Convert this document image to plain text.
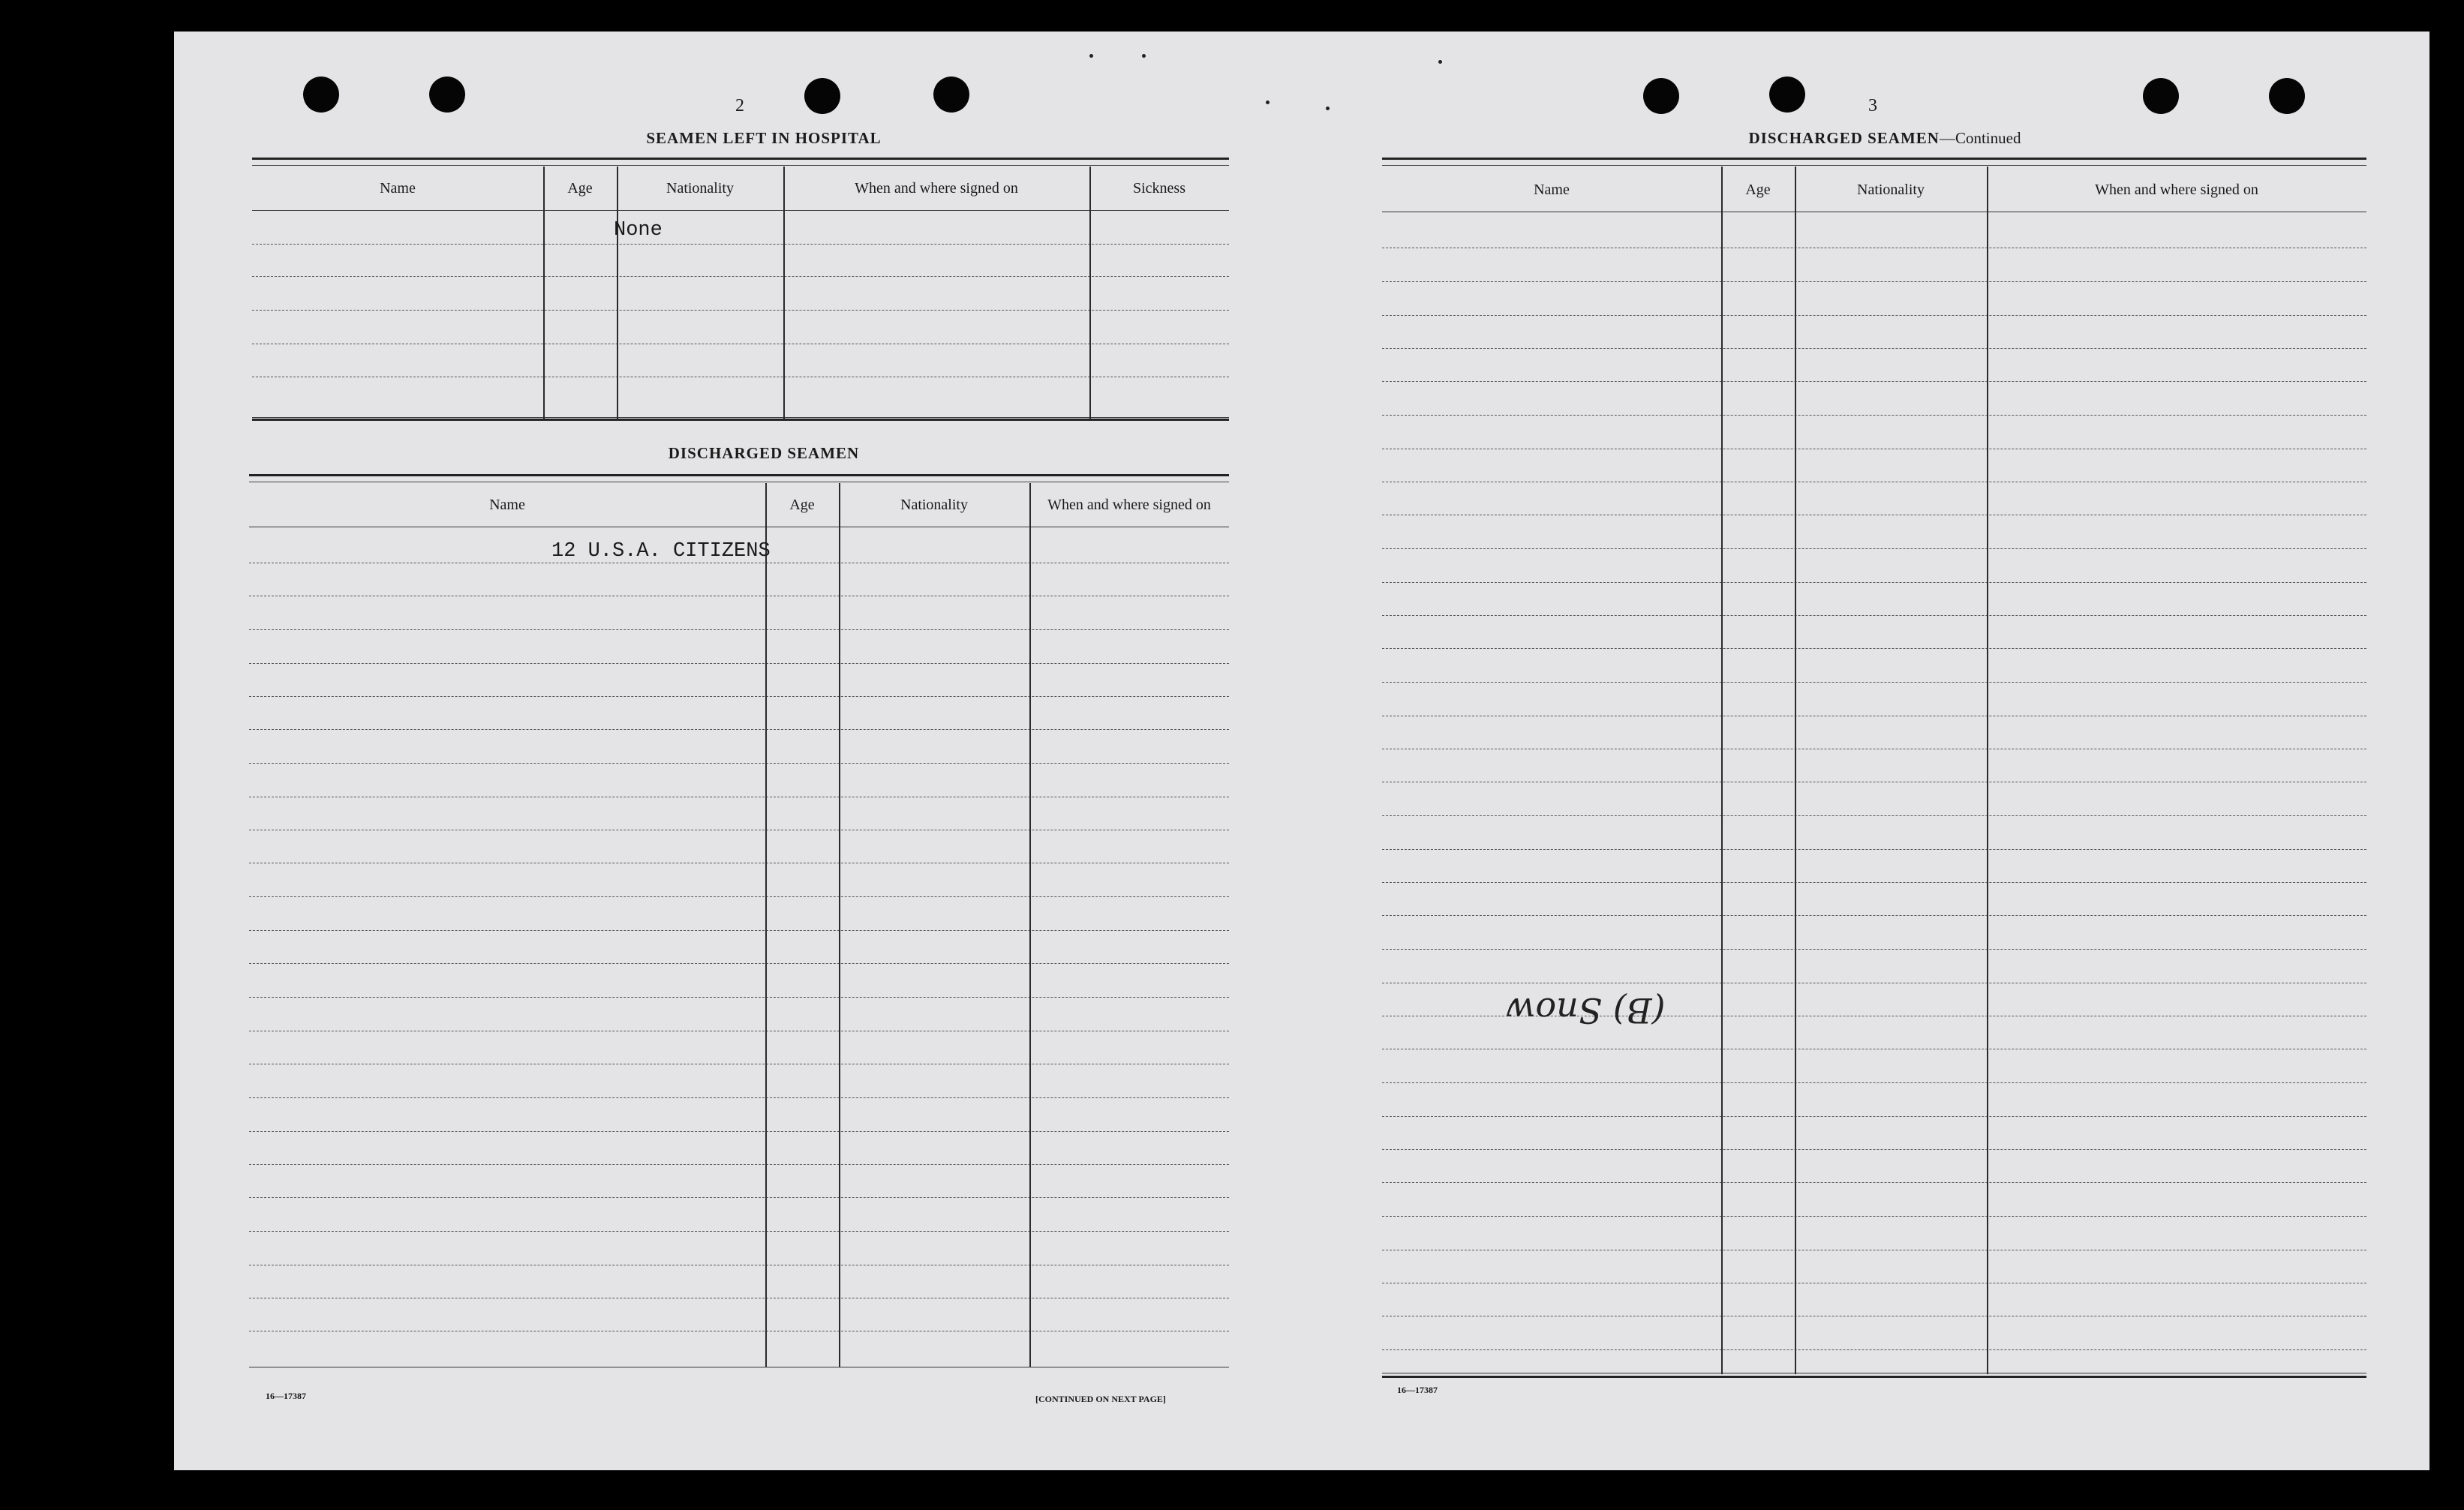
2
SEAMEN LEFT IN HOSPITAL
Name	Age	Nationality	When and where signed on	Sickness
None
DISCHARGED SEAMEN
Name	Age	Nationality	When and where signed on
12 U.S.A. CITIZENS
16—17387	[CONTINUED ON NEXT PAGE]
3
DISCHARGED SEAMEN—Continued
Name	Age	Nationality	When and where signed on
(B) Snow
16—17387
